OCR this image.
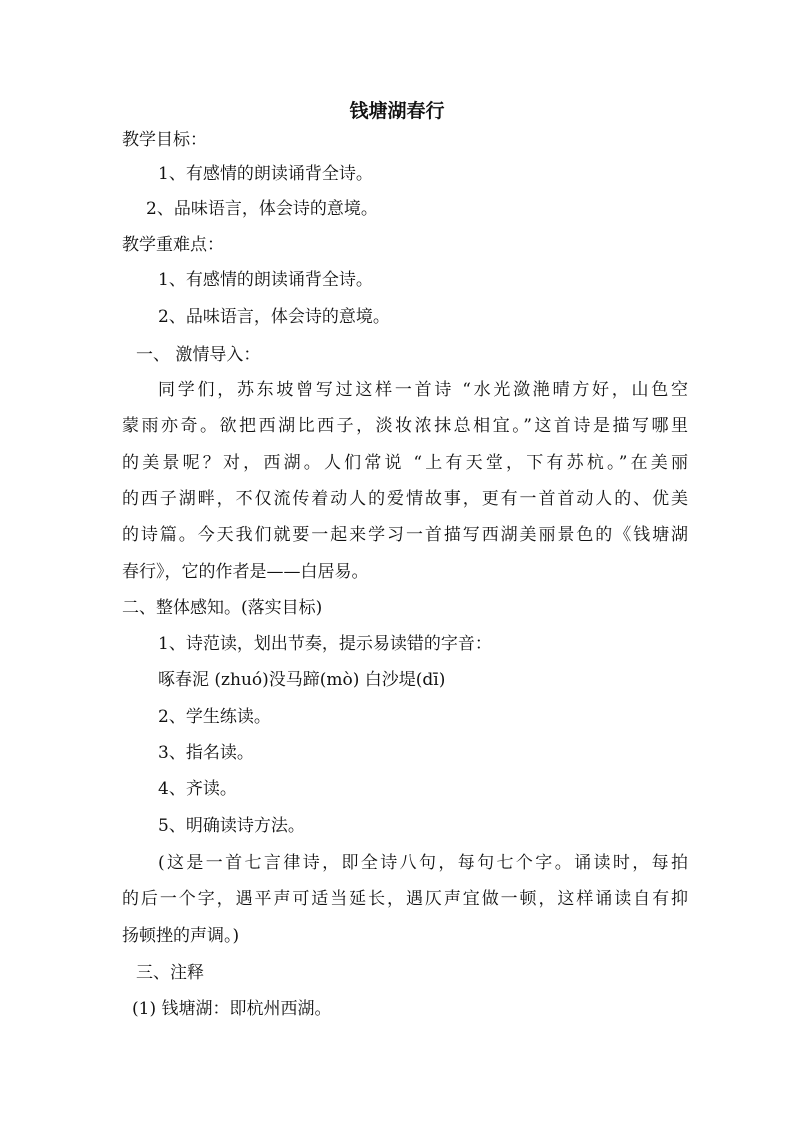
钱塘湖春行
教学目标：
1、有感情的朗读诵背全诗。
2、品味语言，体会诗的意境。
教学重难点：
1、有感情的朗读诵背全诗。
2、品味语言，体会诗的意境。
一、 激情导入：
同学们，苏东坡曾写过这样一首诗 “水光潋滟晴方好，山色空
蒙雨亦奇。欲把西湖比西子，淡妆浓抹总相宜。”这首诗是描写哪里
的美景呢？对，西湖。人们常说 “上有天堂，下有苏杭。”在美丽
的西子湖畔，不仅流传着动人的爱情故事，更有一首首动人的、优美
的诗篇。今天我们就要一起来学习一首描写西湖美丽景色的《钱塘湖
春行》，它的作者是——白居易。
二、整体感知。(落实目标)
1、诗范读，划出节奏，提示易读错的字音：
啄春泥 (zhuó)没马蹄(mò) 白沙堤(dī)
2、学生练读。
3、指名读。
4、齐读。
5、明确读诗方法。
(这是一首七言律诗，即全诗八句，每句七个字。诵读时，每拍
的后一个字，遇平声可适当延长，遇仄声宜做一顿，这样诵读自有抑
扬顿挫的声调。)
三、注释
(1) 钱塘湖：即杭州西湖。
